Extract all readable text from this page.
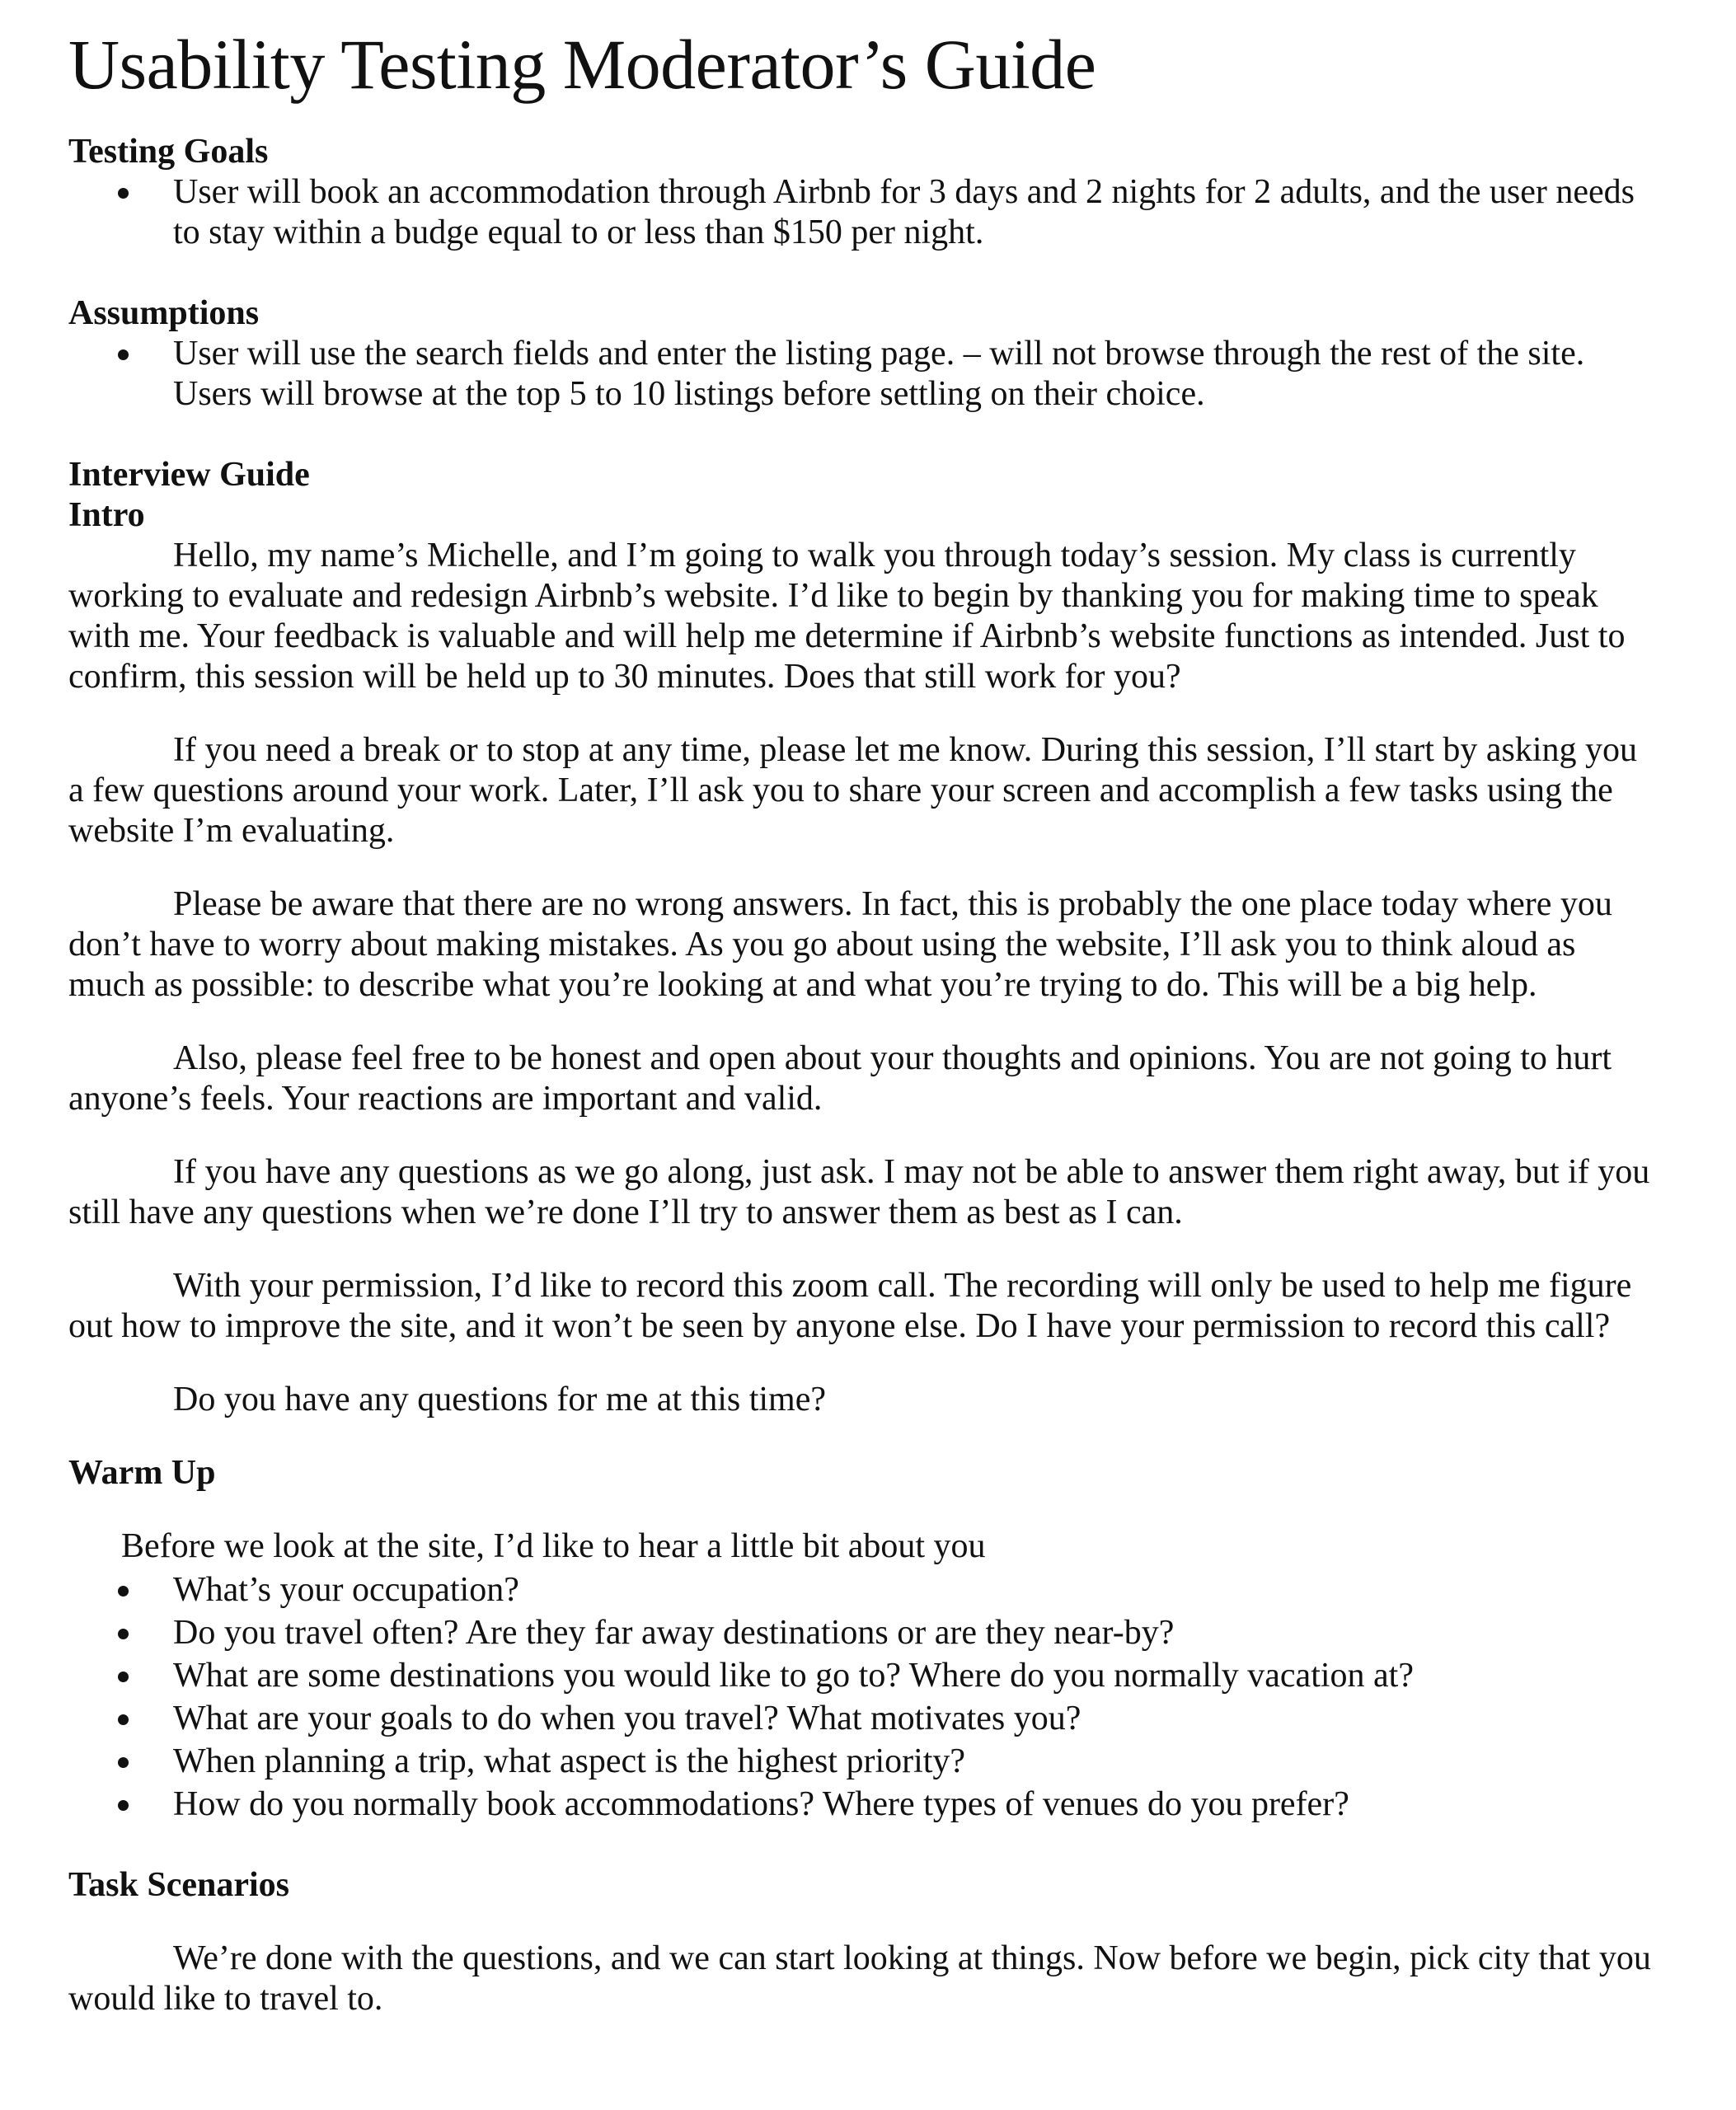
Usability Testing Moderator’s Guide

Testing Goals

User will book an accommodation through Airbnb for 3 days and 2 nights for 2 adults, and the user needs to stay within a budge equal to or less than $150 per night.

Assumptions

User will use the search fields and enter the listing page. – will not browse through the rest of the site. Users will browse at the top 5 to 10 listings before settling on their choice.

Interview Guide

Intro

Hello, my name’s Michelle, and I’m going to walk you through today’s session. My class is currently working to evaluate and redesign Airbnb’s website. I’d like to begin by thanking you for making time to speak with me. Your feedback is valuable and will help me determine if Airbnb’s website functions as intended. Just to confirm, this session will be held up to 30 minutes. Does that still work for you?

If you need a break or to stop at any time, please let me know. During this session, I’ll start by asking you a few questions around your work. Later, I’ll ask you to share your screen and accomplish a few tasks using the website I’m evaluating.

Please be aware that there are no wrong answers. In fact, this is probably the one place today where you don’t have to worry about making mistakes. As you go about using the website, I’ll ask you to think aloud as much as possible: to describe what you’re looking at and what you’re trying to do. This will be a big help.

Also, please feel free to be honest and open about your thoughts and opinions. You are not going to hurt anyone’s feels. Your reactions are important and valid.

If you have any questions as we go along, just ask. I may not be able to answer them right away, but if you still have any questions when we’re done I’ll try to answer them as best as I can.

With your permission, I’d like to record this zoom call. The recording will only be used to help me figure out how to improve the site, and it won’t be seen by anyone else. Do I have your permission to record this call?

Do you have any questions for me at this time?

Warm Up

Before we look at the site, I’d like to hear a little bit about you

What’s your occupation?
Do you travel often? Are they far away destinations or are they near-by?
What are some destinations you would like to go to? Where do you normally vacation at?
What are your goals to do when you travel? What motivates you?
When planning a trip, what aspect is the highest priority?
How do you normally book accommodations? Where types of venues do you prefer?

Task Scenarios

We’re done with the questions, and we can start looking at things. Now before we begin, pick city that you would like to travel to.
